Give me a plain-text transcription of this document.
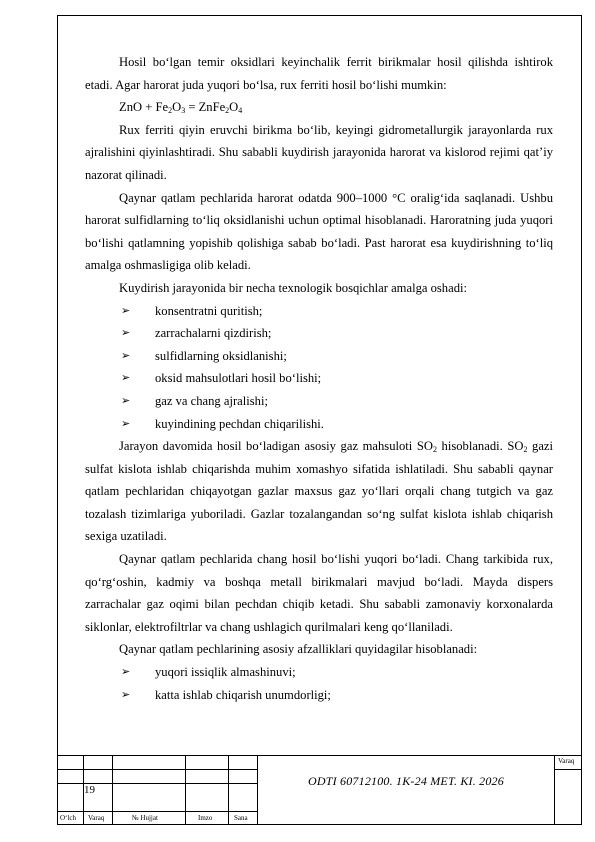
Hosil bo‘lgan temir oksidlari keyinchalik ferrit birikmalar hosil qilishda ishtirok etadi. Agar harorat juda yuqori bo‘lsa, rux ferriti hosil bo‘lishi mumkin:

ZnO + $Fe_2O_3$ = $ZnFe_2O_4$

Rux ferriti qiyin eruvchi birikma bo‘lib, keyingi gidrometallurgik jarayonlarda rux ajralishini qiyinlashtiradi. Shu sababli kuydirish jarayonida harorat va kislorod rejimi qat’iy nazorat qilinadi.

Qaynar qatlam pechlarida harorat odatda 900–1000 °C oralig‘ida saqlanadi. Ushbu harorat sulfidlarning to‘liq oksidlanishi uchun optimal hisoblanadi. Haroratning juda yuqori bo‘lishi qatlamning yopishib qolishiga sabab bo‘ladi. Past harorat esa kuydirishning to‘liq amalga oshmasligiga olib keladi.

Kuydirish jarayonida bir necha texnologik bosqichlar amalga oshadi:

➢ konsentratni quritish;

➢ zarrachalarni qizdirish;

➢ sulfidlarning oksidlanishi;

➢ oksid mahsulotlari hosil bo‘lishi;

➢ gaz va chang ajralishi;

➢ kuyindining pechdan chiqarilishi.

Jarayon davomida hosil bo‘ladigan asosiy gaz mahsuloti $SO_2$ hisoblanadi. $SO_2$ gazi sulfat kislota ishlab chiqarishda muhim xomashyo sifatida ishlatiladi. Shu sababli qaynar qatlam pechlaridan chiqayotgan gazlar maxsus gaz yo‘llari orqali chang tutgich va gaz tozalash tizimlariga yuboriladi. Gazlar tozalangandan so‘ng sulfat kislota ishlab chiqarish sexiga uzatiladi.

Qaynar qatlam pechlarida chang hosil bo‘lishi yuqori bo‘ladi. Chang tarkibida rux, qo‘rg‘oshin, kadmiy va boshqa metall birikmalari mavjud bo‘ladi. Mayda dispers zarrachalar gaz oqimi bilan pechdan chiqib ketadi. Shu sababli zamonaviy korxonalarda siklonlar, elektrofiltrlar va chang ushlagich qurilmalari keng qo‘llaniladi.

Qaynar qatlam pechlarining asosiy afzalliklari quyidagilar hisoblanadi:

➢ yuqori issiqlik almashinuvi;

➢ katta ishlab chiqarish unumdorligi;

Varaq
19
ODTI 60712100. 1K-24 MET. KI. 2026
O‘lch Varaq	№ Hujjat	Imzo	Sana
